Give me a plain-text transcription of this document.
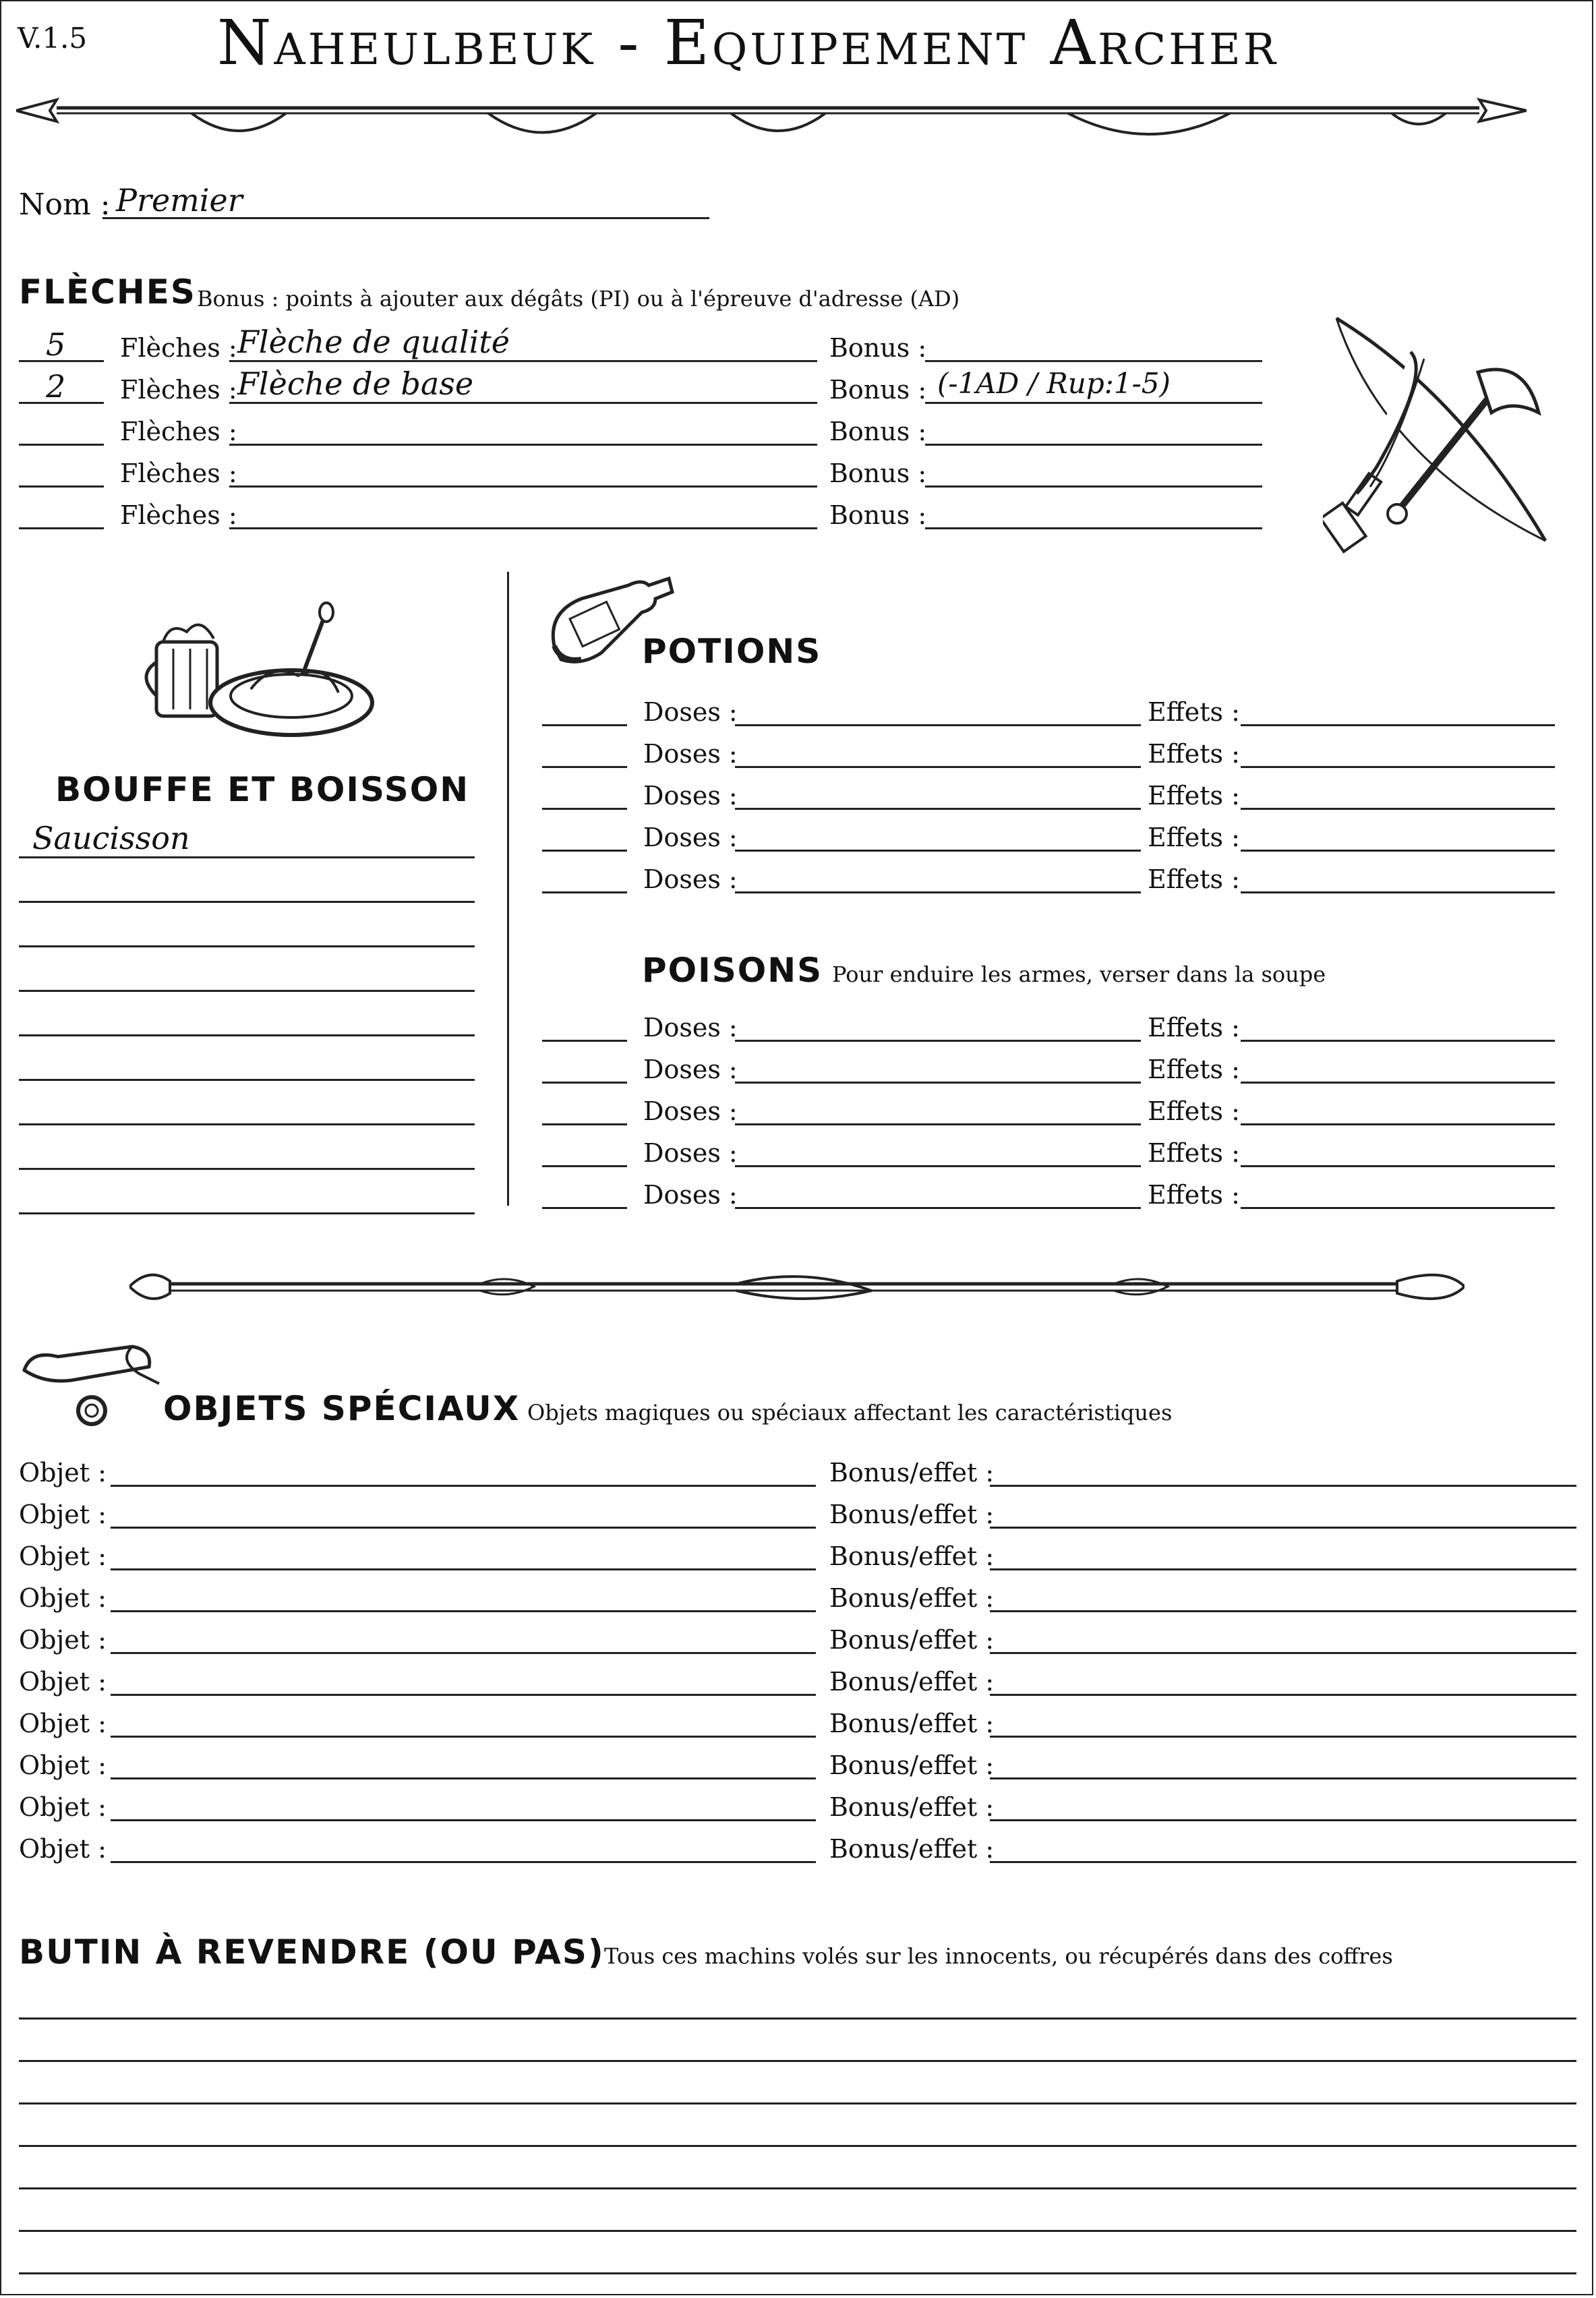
V.1.5 Naheulbeuk - Equipement Archer
Nom : Premier
FLÈCHES Bonus : points à ajouter aux dégâts (PI) ou à l'épreuve d'adresse (AD)
5 Flèches : Flèche de qualité	Bonus :
2 Flèches : Flèche de base	Bonus : (-1AD / Rup:1-5)
Flèches :	Bonus :
Flèches :	Bonus :
Flèches :	Bonus :
BOUFFE ET BOISSON
Saucisson
POTIONS
Doses :	Effets :
Doses :	Effets :
Doses :	Effets :
Doses :	Effets :
Doses :	Effets :
POISONS Pour enduire les armes, verser dans la soupe
Doses :	Effets :
Doses :	Effets :
Doses :	Effets :
Doses :	Effets :
Doses :	Effets :
OBJETS SPÉCIAUX Objets magiques ou spéciaux affectant les caractéristiques
Objet :	Bonus/effet :
Objet :	Bonus/effet :
Objet :	Bonus/effet :
Objet :	Bonus/effet :
Objet :	Bonus/effet :
Objet :	Bonus/effet :
Objet :	Bonus/effet :
Objet :	Bonus/effet :
Objet :	Bonus/effet :
Objet :	Bonus/effet :
BUTIN À REVENDRE (OU PAS) Tous ces machins volés sur les innocents, ou récupérés dans des coffres
